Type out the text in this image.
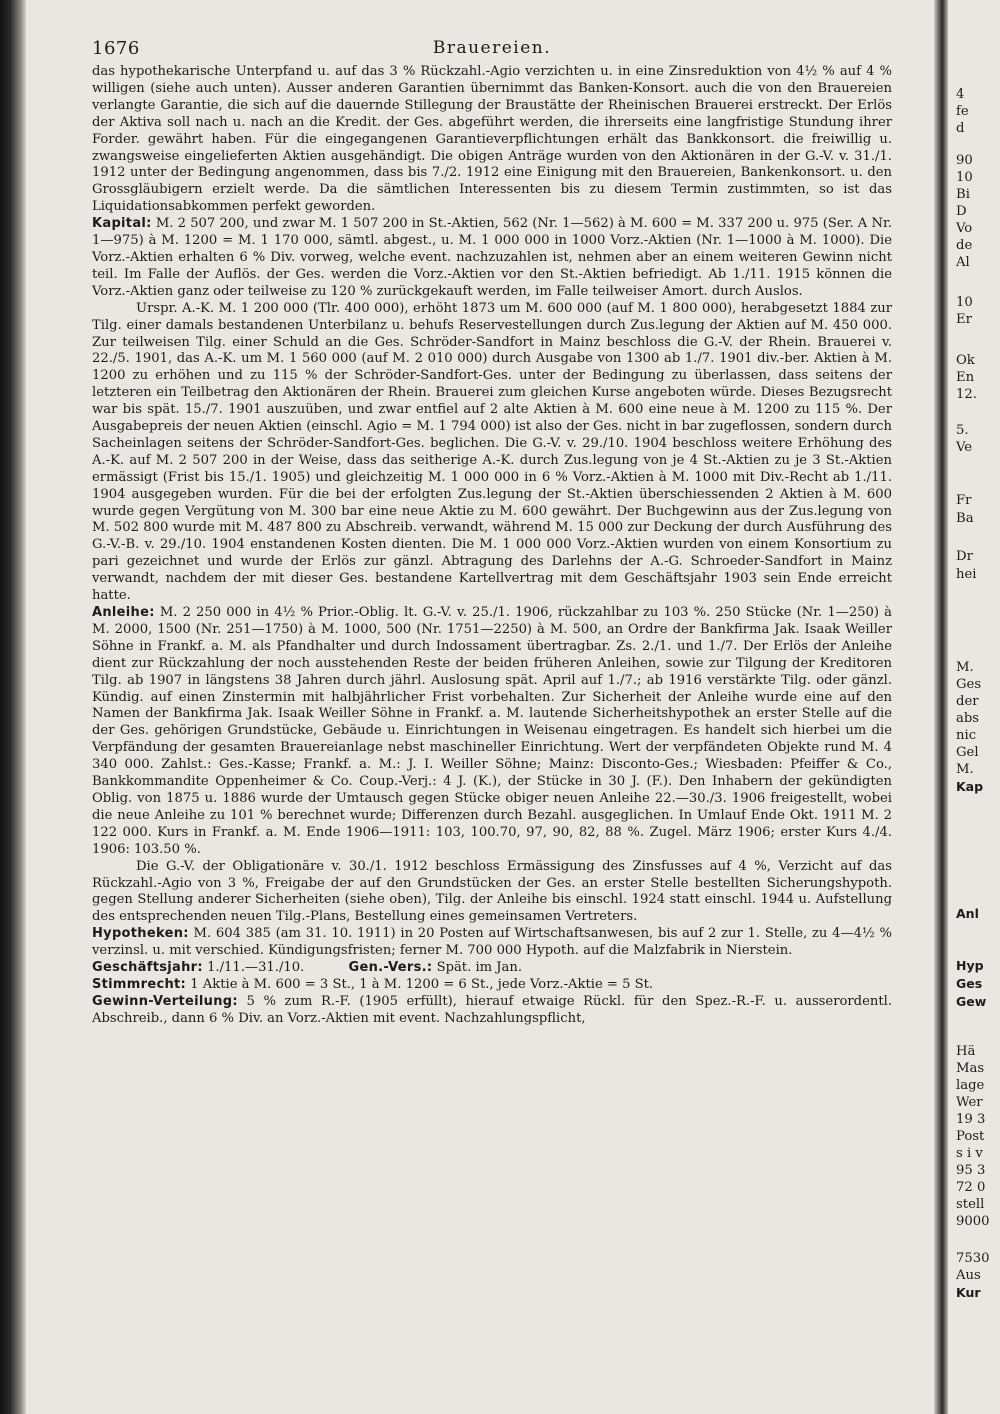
1676	Brauereien.

das hypothekarische Unterpfand u. auf das 3 % Rückzahl.-Agio verzichten u. in eine Zinsreduktion von 4½ % auf 4 % willigen (siehe auch unten). Ausser anderen Garantien übernimmt das Banken-Konsort. auch die von den Brauereien verlangte Garantie, die sich auf die dauernde Stillegung der Braustätte der Rheinischen Brauerei erstreckt. Der Erlös der Aktiva soll nach u. nach an die Kredit. der Ges. abgeführt werden, die ihrerseits eine langfristige Stundung ihrer Forder. gewährt haben. Für die eingegangenen Garantieverpflichtungen erhält das Bankkonsort. die freiwillig u. zwangsweise eingelieferten Aktien ausgehändigt. Die obigen Anträge wurden von den Aktionären in der G.-V. v. 31./1. 1912 unter der Bedingung angenommen, dass bis 7./2. 1912 eine Einigung mit den Brauereien, Bankenkonsort. u. den Grossgläubigern erzielt werde. Da die sämtlichen Interessenten bis zu diesem Termin zustimmten, so ist das Liquidationsabkommen perfekt geworden.

Kapital: M. 2 507 200, und zwar M. 1 507 200 in St.-Aktien, 562 (Nr. 1—562) à M. 600 = M. 337 200 u. 975 (Ser. A Nr. 1—975) à M. 1200 = M. 1 170 000, sämtl. abgest., u. M. 1 000 000 in 1000 Vorz.-Aktien (Nr. 1—1000 à M. 1000). Die Vorz.-Aktien erhalten 6 % Div. vorweg, welche event. nachzuzahlen ist, nehmen aber an einem weiteren Gewinn nicht teil. Im Falle der Auflös. der Ges. werden die Vorz.-Aktien vor den St.-Aktien befriedigt. Ab 1./11. 1915 können die Vorz.-Aktien ganz oder teilweise zu 120 % zurückgekauft werden, im Falle teilweiser Amort. durch Auslos.

Urspr. A.-K. M. 1 200 000 (Tlr. 400 000), erhöht 1873 um M. 600 000 (auf M. 1 800 000), herabgesetzt 1884 zur Tilg. einer damals bestandenen Unterbilanz u. behufs Reservestellungen durch Zus.legung der Aktien auf M. 450 000. Zur teilweisen Tilg. einer Schuld an die Ges. Schröder-Sandfort in Mainz beschloss die G.-V. der Rhein. Brauerei v. 22./5. 1901, das A.-K. um M. 1 560 000 (auf M. 2 010 000) durch Ausgabe von 1300 ab 1./7. 1901 div.-ber. Aktien à M. 1200 zu erhöhen und zu 115 % der Schröder-Sandfort-Ges. unter der Bedingung zu überlassen, dass seitens der letzteren ein Teilbetrag den Aktionären der Rhein. Brauerei zum gleichen Kurse angeboten würde. Dieses Bezugsrecht war bis spät. 15./7. 1901 auszuüben, und zwar entfiel auf 2 alte Aktien à M. 600 eine neue à M. 1200 zu 115 %. Der Ausgabepreis der neuen Aktien (einschl. Agio = M. 1 794 000) ist also der Ges. nicht in bar zugeflossen, sondern durch Sacheinlagen seitens der Schröder-Sandfort-Ges. beglichen. Die G.-V. v. 29./10. 1904 beschloss weitere Erhöhung des A.-K. auf M. 2 507 200 in der Weise, dass das seitherige A.-K. durch Zus.legung von je 4 St.-Aktien zu je 3 St.-Aktien ermässigt (Frist bis 15./1. 1905) und gleichzeitig M. 1 000 000 in 6 % Vorz.-Aktien à M. 1000 mit Div.-Recht ab 1./11. 1904 ausgegeben wurden. Für die bei der erfolgten Zus.legung der St.-Aktien überschiessenden 2 Aktien à M. 600 wurde gegen Vergütung von M. 300 bar eine neue Aktie zu M. 600 gewährt. Der Buchgewinn aus der Zus.legung von M. 502 800 wurde mit M. 487 800 zu Abschreib. verwandt, während M. 15 000 zur Deckung der durch Ausführung des G.-V.-B. v. 29./10. 1904 enstandenen Kosten dienten. Die M. 1 000 000 Vorz.-Aktien wurden von einem Konsortium zu pari gezeichnet und wurde der Erlös zur gänzl. Abtragung des Darlehns der A.-G. Schroeder-Sandfort in Mainz verwandt, nachdem der mit dieser Ges. bestandene Kartellvertrag mit dem Geschäftsjahr 1903 sein Ende erreicht hatte.

Anleihe: M. 2 250 000 in 4½ % Prior.-Oblig. lt. G.-V. v. 25./1. 1906, rückzahlbar zu 103 %. 250 Stücke (Nr. 1—250) à M. 2000, 1500 (Nr. 251—1750) à M. 1000, 500 (Nr. 1751—2250) à M. 500, an Ordre der Bankfirma Jak. Isaak Weiller Söhne in Frankf. a. M. als Pfandhalter und durch Indossament übertragbar. Zs. 2./1. und 1./7. Der Erlös der Anleihe dient zur Rückzahlung der noch ausstehenden Reste der beiden früheren Anleihen, sowie zur Tilgung der Kreditoren Tilg. ab 1907 in längstens 38 Jahren durch jährl. Auslosung spät. April auf 1./7.; ab 1916 verstärkte Tilg. oder gänzl. Kündig. auf einen Zinstermin mit halbjährlicher Frist vorbehalten. Zur Sicherheit der Anleihe wurde eine auf den Namen der Bankfirma Jak. Isaak Weiller Söhne in Frankf. a. M. lautende Sicherheitshypothek an erster Stelle auf die der Ges. gehörigen Grundstücke, Gebäude u. Einrichtungen in Weisenau eingetragen. Es handelt sich hierbei um die Verpfändung der gesamten Brauereianlage nebst maschineller Einrichtung. Wert der verpfändeten Objekte rund M. 4 340 000. Zahlst.: Ges.-Kasse; Frankf. a. M.: J. I. Weiller Söhne; Mainz: Disconto-Ges.; Wiesbaden: Pfeiffer & Co., Bankkommandite Oppenheimer & Co. Coup.-Verj.: 4 J. (K.), der Stücke in 30 J. (F.). Den Inhabern der gekündigten Oblig. von 1875 u. 1886 wurde der Umtausch gegen Stücke obiger neuen Anleihe 22.—30./3. 1906 freigestellt, wobei die neue Anleihe zu 101 % berechnet wurde; Differenzen durch Bezahl. ausgeglichen. In Umlauf Ende Okt. 1911 M. 2 122 000. Kurs in Frankf. a. M. Ende 1906—1911: 103, 100.70, 97, 90, 82, 88 %. Zugel. März 1906; erster Kurs 4./4. 1906: 103.50 %.

Die G.-V. der Obligationäre v. 30./1. 1912 beschloss Ermässigung des Zinsfusses auf 4 %, Verzicht auf das Rückzahl.-Agio von 3 %, Freigabe der auf den Grundstücken der Ges. an erster Stelle bestellten Sicherungshypoth. gegen Stellung anderer Sicherheiten (siehe oben), Tilg. der Anleihe bis einschl. 1924 statt einschl. 1944 u. Aufstellung des entsprechenden neuen Tilg.-Plans, Bestellung eines gemeinsamen Vertreters.

Hypotheken: M. 604 385 (am 31. 10. 1911) in 20 Posten auf Wirtschaftsanwesen, bis auf 2 zur 1. Stelle, zu 4—4½ % verzinsl. u. mit verschied. Kündigungsfristen; ferner M. 700 000 Hypoth. auf die Malzfabrik in Nierstein.

Geschäftsjahr: 1./11.—31./10.	Gen.-Vers.: Spät. im Jan.

Stimmrecht: 1 Aktie à M. 600 = 3 St., 1 à M. 1200 = 6 St., jede Vorz.-Aktie = 5 St.

Gewinn-Verteilung: 5 % zum R.-F. (1905 erfüllt), hierauf etwaige Rückl. für den Spez.-R.-F. u. ausserordentl. Abschreib., dann 6 % Div. an Vorz.-Aktien mit event. Nachzahlungspflicht,

4
fe
d
90
10
Bi
D
Vo
de
Al
10
Er
Ok
En
12.
5.
Ve
Fr
Ba
Dr
hei
M.
Ges
der
abs
nic
Gel
M.
Kap
Anl
Hyp
Ges
Gew
Hä
Mas
lage
Wer
19 3
Post
s i v
95 3
72 0
stell
9000
7530
Aus
Kur
